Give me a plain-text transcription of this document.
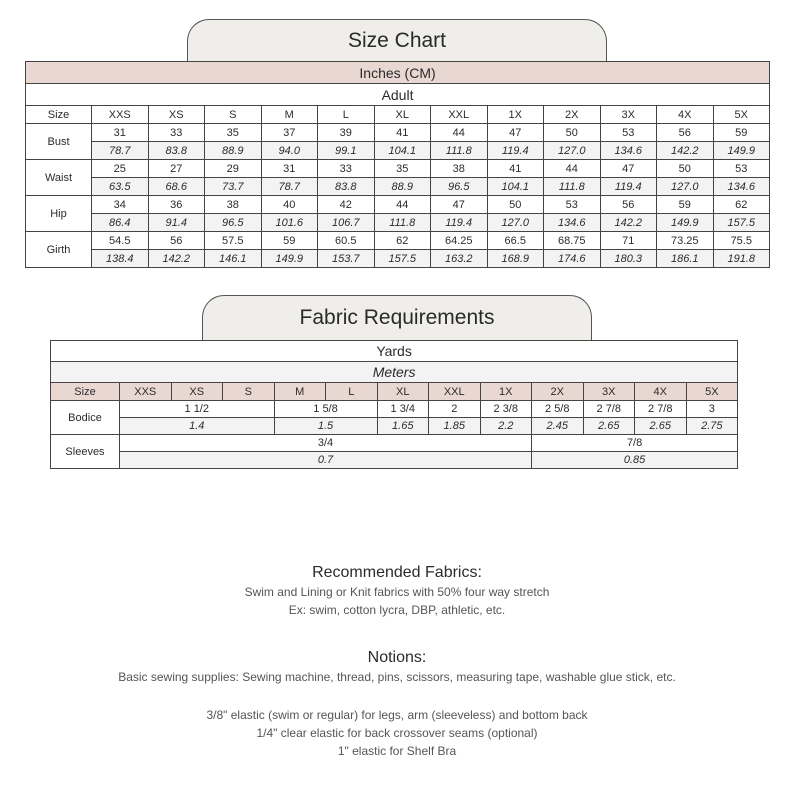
Size Chart
Inches (CM)												
Adult												
Size	XXS	XS	S	M	L	XL	XXL	1X	2X	3X	4X	5X
Bust	31	33	35	37	39	41	44	47	50	53	56	59
	78.7	83.8	88.9	94.0	99.1	104.1	111.8	119.4	127.0	134.6	142.2	149.9
Waist	25	27	29	31	33	35	38	41	44	47	50	53
	63.5	68.6	73.7	78.7	83.8	88.9	96.5	104.1	111.8	119.4	127.0	134.6
Hip	34	36	38	40	42	44	47	50	53	56	59	62
	86.4	91.4	96.5	101.6	106.7	111.8	119.4	127.0	134.6	142.2	149.9	157.5
Girth	54.5	56	57.5	59	60.5	62	64.25	66.5	68.75	71	73.25	75.5
	138.4	142.2	146.1	149.9	153.7	157.5	163.2	168.9	174.6	180.3	186.1	191.8
Fabric Requirements
Yards												
Meters												
Size	XXS	XS	S	M	L	XL	XXL	1X	2X	3X	4X	5X
Bodice	1 1/2			1 5/8		1 3/4	2	2 3/8	2 5/8	2 7/8	2 7/8	3
	1.4			1.5		1.65	1.85	2.2	2.45	2.65	2.65	2.75
Sleeves	3/4								7/8			
	0.7								0.85			

Recommended Fabrics:

Swim and Lining or Knit fabrics with 50% four way stretch

Ex: swim, cotton lycra, DBP, athletic, etc.

Notions:

Basic sewing supplies: Sewing machine, thread, pins, scissors, measuring tape, washable glue stick, etc.

3/8" elastic (swim or regular) for legs, arm (sleeveless) and bottom back

1/4" clear elastic for back crossover seams (optional)

1" elastic for Shelf Bra
